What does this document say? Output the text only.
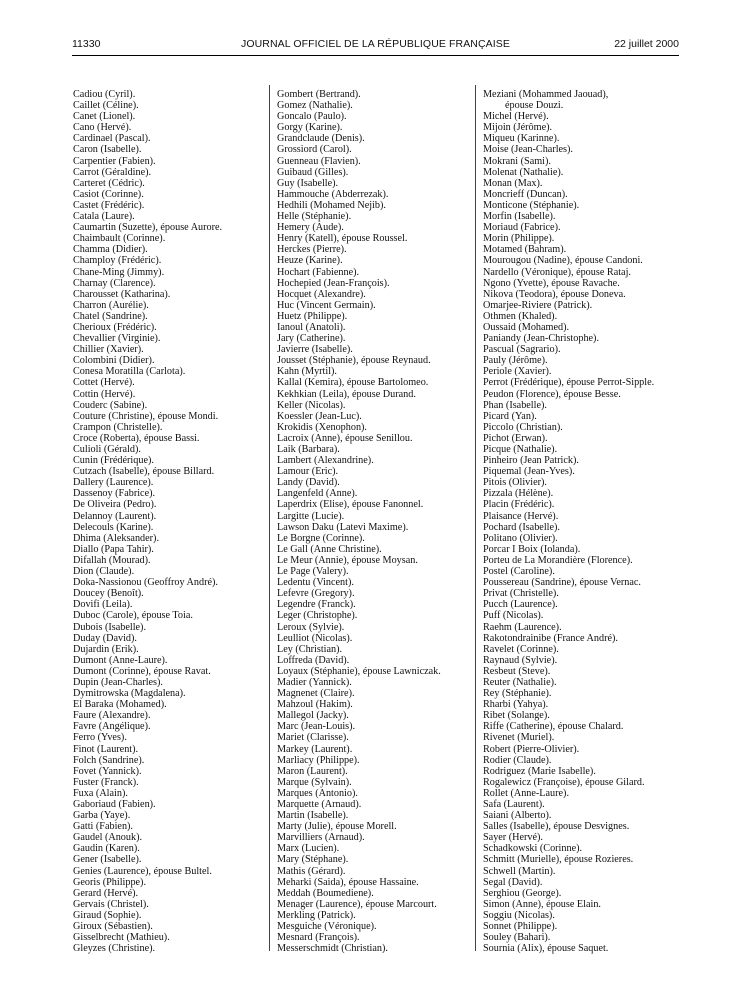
11330	JOURNAL OFFICIEL DE LA RÉPUBLIQUE FRANÇAISE	22 juillet 2000
Cadiou (Cyril).
Caillet (Céline).
Canet (Lionel).
Cano (Hervé).
Cardinael (Pascal).
Caron (Isabelle).
Carpentier (Fabien).
Carrot (Géraldine).
Carteret (Cédric).
Casiot (Corinne).
Castet (Frédéric).
Catala (Laure).
Caumartin (Suzette), épouse Aurore.
Chaimbault (Corinne).
Chamma (Didier).
Champloy (Frédéric).
Chane-Ming (Jimmy).
Charnay (Clarence).
Charousset (Katharina).
Charron (Aurélie).
Chatel (Sandrine).
Cherioux (Frédéric).
Chevallier (Virginie).
Chillier (Xavier).
Colombini (Didier).
Conesa Moratilla (Carlota).
Cottet (Hervé).
Cottin (Hervé).
Couderc (Sabine).
Couture (Christine), épouse Mondi.
Crampon (Christelle).
Croce (Roberta), épouse Bassi.
Culioli (Gérald).
Cunin (Frédérique).
Cutzach (Isabelle), épouse Billard.
Dallery (Laurence).
Dassenoy (Fabrice).
De Oliveira (Pedro).
Delannoy (Laurent).
Delecouls (Karine).
Dhima (Aleksander).
Diallo (Papa Tahir).
Difallah (Mourad).
Dion (Claude).
Doka-Nassionou (Geoffroy André).
Doucey (Benoît).
Dovifi (Leila).
Duboc (Carole), épouse Toia.
Dubois (Isabelle).
Duday (David).
Dujardin (Erik).
Dumont (Anne-Laure).
Dumont (Corinne), épouse Ravat.
Dupin (Jean-Charles).
Dymitrowska (Magdalena).
El Baraka (Mohamed).
Faure (Alexandre).
Favre (Angélique).
Ferro (Yves).
Finot (Laurent).
Folch (Sandrine).
Fovet (Yannick).
Fuster (Franck).
Fuxa (Alain).
Gaboriaud (Fabien).
Garba (Yaye).
Gatti (Fabien).
Gaudel (Anouk).
Gaudin (Karen).
Gener (Isabelle).
Genies (Laurence), épouse Bultel.
Georis (Philippe).
Gerard (Hervé).
Gervais (Christel).
Giraud (Sophie).
Giroux (Sébastien).
Gisselbrecht (Mathieu).
Gleyzes (Christine).
Gombert (Bertrand).
Gomez (Nathalie).
Goncalo (Paulo).
Gorgy (Karine).
Grandclaude (Denis).
Grossiord (Carol).
Guenneau (Flavien).
Guibaud (Gilles).
Guy (Isabelle).
Hammouche (Abderrezak).
Hedhili (Mohamed Nejib).
Helle (Stéphanie).
Hemery (Aude).
Henry (Katell), épouse Roussel.
Herckes (Pierre).
Heuze (Karine).
Hochart (Fabienne).
Hochepied (Jean-François).
Hocquet (Alexandre).
Huc (Vincent Germain).
Huetz (Philippe).
Ianoul (Anatoli).
Jary (Catherine).
Javierre (Isabelle).
Jousset (Stéphanie), épouse Reynaud.
Kahn (Myrtil).
Kallal (Kemira), épouse Bartolomeo.
Kekhkian (Leila), épouse Durand.
Keller (Nicolas).
Koessler (Jean-Luc).
Krokidis (Xenophon).
Lacroix (Anne), épouse Senillou.
Laik (Barbara).
Lambert (Alexandrine).
Lamour (Eric).
Landy (David).
Langenfeld (Anne).
Laperdrix (Elise), épouse Fanonnel.
Largitte (Lucie).
Lawson Daku (Latevi Maxime).
Le Borgne (Corinne).
Le Gall (Anne Christine).
Le Meur (Annie), épouse Moysan.
Le Page (Valery).
Ledentu (Vincent).
Lefevre (Gregory).
Legendre (Franck).
Leger (Christophe).
Leroux (Sylvie).
Leulliot (Nicolas).
Ley (Christian).
Loffreda (David).
Loyaux (Stéphanie), épouse Lawniczak.
Madier (Yannick).
Magnenet (Claire).
Mahzoul (Hakim).
Mallegol (Jacky).
Marc (Jean-Louis).
Mariet (Clarisse).
Markey (Laurent).
Marliacy (Philippe).
Maron (Laurent).
Marque (Sylvain).
Marques (Antonio).
Marquette (Arnaud).
Martin (Isabelle).
Marty (Julie), épouse Morell.
Marvilliers (Arnaud).
Marx (Lucien).
Mary (Stéphane).
Mathis (Gérard).
Meharki (Saida), épouse Hassaine.
Meddah (Boumediene).
Menager (Laurence), épouse Marcourt.
Merkling (Patrick).
Mesguiche (Véronique).
Mesnard (François).
Messerschmidt (Christian).
Meziani (Mohammed Jaouad),
épouse Douzi.
Michel (Hervé).
Mijoin (Jérôme).
Miqueu (Karinne).
Moise (Jean-Charles).
Mokrani (Sami).
Molenat (Nathalie).
Monan (Max).
Moncrieff (Duncan).
Monticone (Stéphanie).
Morfin (Isabelle).
Moriaud (Fabrice).
Morin (Philippe).
Motamed (Bahram).
Mourougou (Nadine), épouse Candoni.
Nardello (Véronique), épouse Rataj.
Ngono (Yvette), épouse Ravache.
Nikova (Teodora), épouse Doneva.
Omarjee-Riviere (Patrick).
Othmen (Khaled).
Oussaid (Mohamed).
Paniandy (Jean-Christophe).
Pascual (Sagrario).
Pauly (Jérôme).
Periole (Xavier).
Perrot (Frédérique), épouse Perrot-Sipple.
Peudon (Florence), épouse Besse.
Phan (Isabelle).
Picard (Yan).
Piccolo (Christian).
Pichot (Erwan).
Picque (Nathalie).
Pinheiro (Jean Patrick).
Piquemal (Jean-Yves).
Pitois (Olivier).
Pizzala (Hélène).
Placin (Frédéric).
Plaisance (Hervé).
Pochard (Isabelle).
Politano (Olivier).
Porcar I Boix (Iolanda).
Porteu de La Morandière (Florence).
Postel (Caroline).
Poussereau (Sandrine), épouse Vernac.
Privat (Christelle).
Pucch (Laurence).
Puff (Nicolas).
Raehm (Laurence).
Rakotondrainibe (France André).
Ravelet (Corinne).
Raynaud (Sylvie).
Resbeut (Steve).
Reuter (Nathalie).
Rey (Stéphanie).
Rharbi (Yahya).
Ribet (Solange).
Riffe (Catherine), épouse Chalard.
Rivenet (Muriel).
Robert (Pierre-Olivier).
Rodier (Claude).
Rodriguez (Marie Isabelle).
Rogalewicz (Françoise), épouse Gilard.
Rollet (Anne-Laure).
Safa (Laurent).
Saiani (Alberto).
Salles (Isabelle), épouse Desvignes.
Sayer (Hervé).
Schadkowski (Corinne).
Schmitt (Murielle), épouse Rozieres.
Schwell (Martin).
Segal (David).
Serghiou (George).
Simon (Anne), épouse Elain.
Soggiu (Nicolas).
Sonnet (Philippe).
Souley (Bahari).
Sournia (Alix), épouse Saquet.
